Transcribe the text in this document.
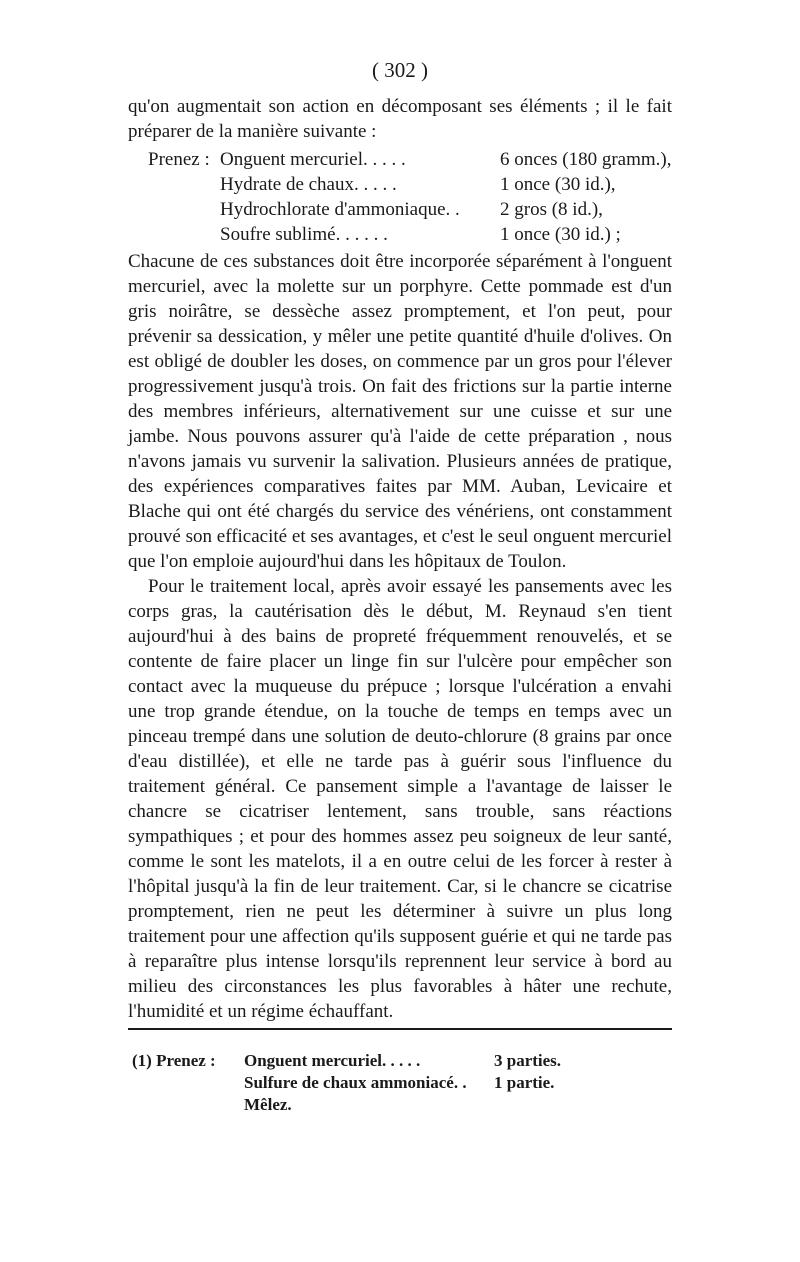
( 302 )

qu'on augmentait son action en décomposant ses éléments ; il le fait préparer de la manière suivante :

Prenez : Onguent mercuriel. . . . .	6 onces (180 gramm.),
Hydrate de chaux. . . . .	1 once (30 id.),
Hydrochlorate d'ammoniaque. .	2 gros (8 id.),
Soufre sublimé. . . . . .	1 once (30 id.) ;

Chacune de ces substances doit être incorporée séparément à l'onguent mercuriel, avec la molette sur un porphyre. Cette pommade est d'un gris noirâtre, se dessèche assez promptement, et l'on peut, pour prévenir sa dessication, y mêler une petite quantité d'huile d'olives. On est obligé de doubler les doses, on commence par un gros pour l'élever progressivement jusqu'à trois. On fait des frictions sur la partie interne des membres inférieurs, alternativement sur une cuisse et sur une jambe. Nous pouvons assurer qu'à l'aide de cette préparation , nous n'avons jamais vu survenir la salivation. Plusieurs années de pratique, des expériences comparatives faites par MM. Auban, Levicaire et Blache qui ont été chargés du service des vénériens, ont constamment prouvé son efficacité et ses avantages, et c'est le seul onguent mercuriel que l'on emploie aujourd'hui dans les hôpitaux de Toulon.

Pour le traitement local, après avoir essayé les pansements avec les corps gras, la cautérisation dès le début, M. Reynaud s'en tient aujourd'hui à des bains de propreté fréquemment renouvelés, et se contente de faire placer un linge fin sur l'ulcère pour empêcher son contact avec la muqueuse du prépuce ; lorsque l'ulcération a envahi une trop grande étendue, on la touche de temps en temps avec un pinceau trempé dans une solution de deuto-chlorure (8 grains par once d'eau distillée), et elle ne tarde pas à guérir sous l'influence du traitement général. Ce pansement simple a l'avantage de laisser le chancre se cicatriser lentement, sans trouble, sans réactions sympathiques ; et pour des hommes assez peu soigneux de leur santé, comme le sont les matelots, il a en outre celui de les forcer à rester à l'hôpital jusqu'à la fin de leur traitement. Car, si le chancre se cicatrise promptement, rien ne peut les déterminer à suivre un plus long traitement pour une affection qu'ils supposent guérie et qui ne tarde pas à reparaître plus intense lorsqu'ils reprennent leur service à bord au milieu des circonstances les plus favorables à hâter une rechute, l'humidité et un régime échauffant.

(1) Prenez :	Onguent mercuriel. . . . .	3 parties.
Sulfure de chaux ammoniacé. .	1 partie.
Mêlez.
